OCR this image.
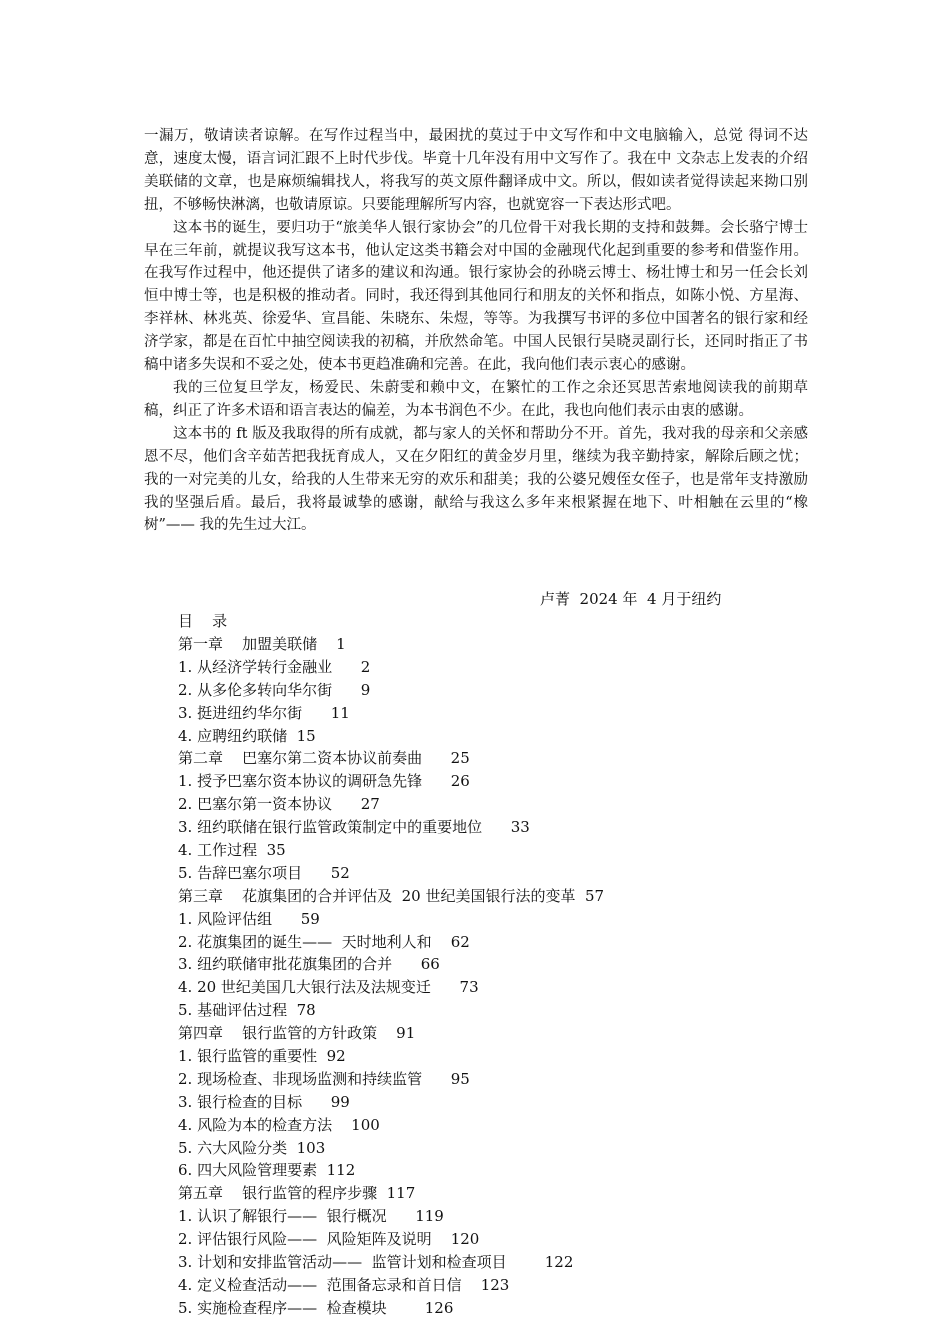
一漏万，敬请读者谅解。在写作过程当中，最困扰的莫过于中文写作和中文电脑输入，总觉 得词不达意，速度太慢，语言词汇跟不上时代步伐。毕竟十几年没有用中文写作了。我在中 文杂志上发表的介绍美联储的文章，也是麻烦编辑找人，将我写的英文原件翻译成中文。所以，假如读者觉得读起来拗口别扭，不够畅快淋漓，也敬请原谅。只要能理解所写内容，也就宽容一下表达形式吧。

这本书的诞生，要归功于“旅美华人银行家协会”的几位骨干对我长期的支持和鼓舞。会长骆宁博士早在三年前，就提议我写这本书，他认定这类书籍会对中国的金融现代化起到重要的参考和借鉴作用。在我写作过程中，他还提供了诸多的建议和沟通。银行家协会的孙晓云博士、杨壮博士和另一任会长刘恒中博士等，也是积极的推动者。同时，我还得到其他同行和朋友的关怀和指点，如陈小悦、方星海、李祥林、林兆英、徐爱华、宣昌能、朱晓东、朱煜，等等。为我撰写书评的多位中国著名的银行家和经济学家，都是在百忙中抽空阅读我的初稿，并欣然命笔。中国人民银行吴晓灵副行长，还同时指正了书稿中诸多失误和不妥之处，使本书更趋准确和完善。在此，我向他们表示衷心的感谢。

我的三位复旦学友，杨爱民、朱蔚雯和赖中文，在繁忙的工作之余还冥思苦索地阅读我的前期草稿，纠正了许多术语和语言表达的偏差，为本书润色不少。在此，我也向他们表示由衷的感谢。

这本书的 ft 版及我取得的所有成就，都与家人的关怀和帮助分不开。首先，我对我的母亲和父亲感恩不尽，他们含辛茹苦把我抚育成人，又在夕阳红的黄金岁月里，继续为我辛勤持家，解除后顾之忧；我的一对完美的儿女，给我的人生带来无穷的欢乐和甜美；我的公婆兄嫂侄女侄子，也是常年支持激励我的坚强后盾。最后，我将最诚挚的感谢，献给与我这么多年来根紧握在地下、叶相触在云里的“橡树”—— 我的先生过大江。

卢菁  2024 年  4 月于纽约
目    录
第一章    加盟美联储    1
1. 从经济学转行金融业      2
2. 从多伦多转向华尔街      9
3. 挺进纽约华尔街      11
4. 应聘纽约联储  15
第二章    巴塞尔第二资本协议前奏曲      25
1. 授予巴塞尔资本协议的调研急先锋      26
2. 巴塞尔第一资本协议      27
3. 纽约联储在银行监管政策制定中的重要地位      33
4. 工作过程  35
5. 告辞巴塞尔项目      52
第三章    花旗集团的合并评估及  20 世纪美国银行法的变革  57
1. 风险评估组      59
2. 花旗集团的诞生——  天时地利人和    62
3. 纽约联储审批花旗集团的合并      66
4. 20 世纪美国几大银行法及法规变迁      73
5. 基础评估过程  78
第四章    银行监管的方针政策    91
1. 银行监管的重要性  92
2. 现场检查、非现场监测和持续监管      95
3. 银行检查的目标      99
4. 风险为本的检查方法    100
5. 六大风险分类  103
6. 四大风险管理要素  112
第五章    银行监管的程序步骤  117
1. 认识了解银行——  银行概况      119
2. 评估银行风险——  风险矩阵及说明    120
3. 计划和安排监管活动——  监管计划和检查项目        122
4. 定义检查活动——  范围备忘录和首日信    123
5. 实施检查程序——  检查模块        126
